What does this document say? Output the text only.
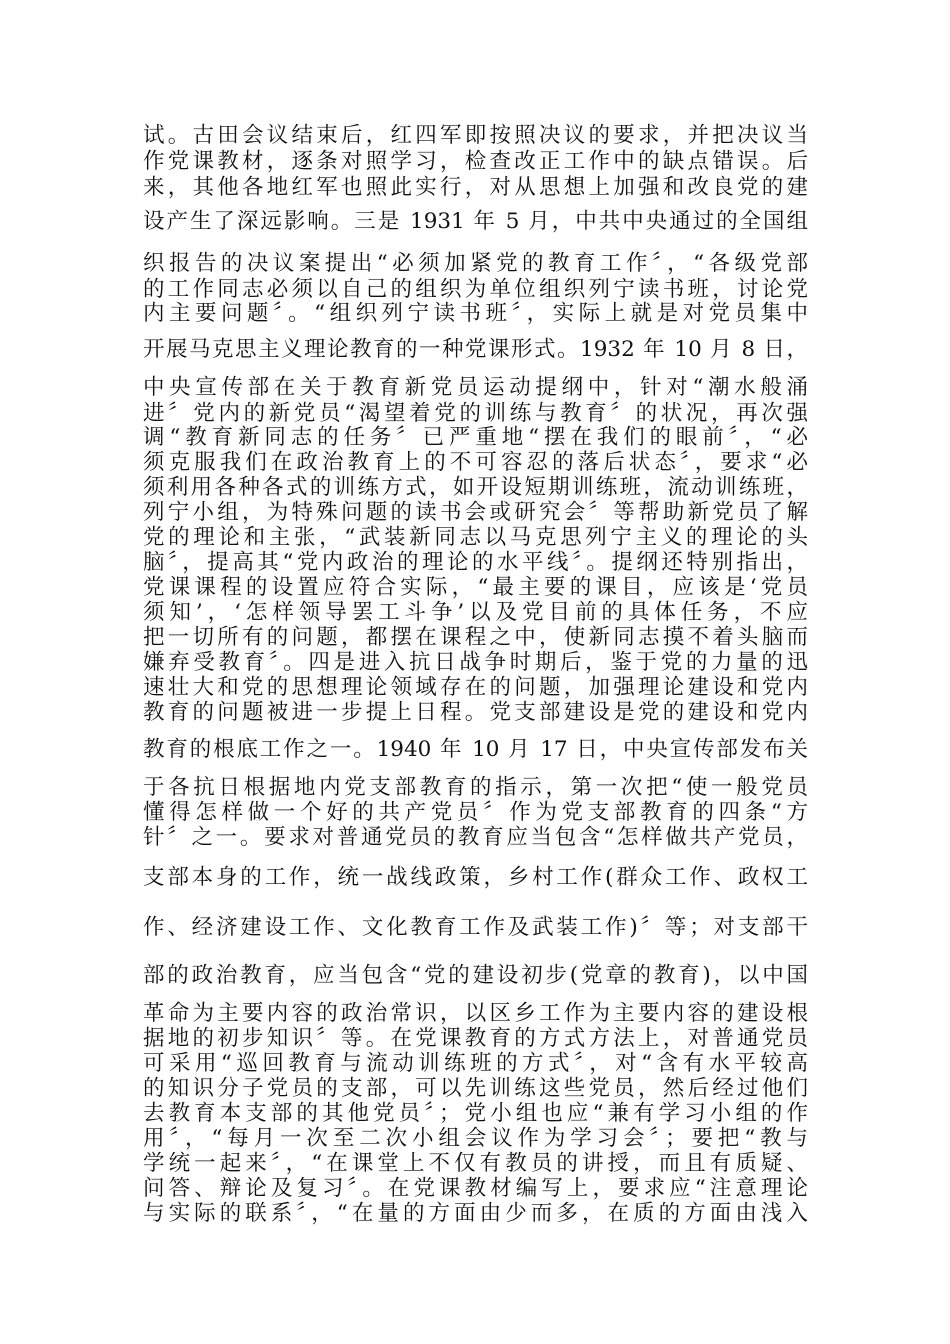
试。古田会议结束后，红四军即按照决议的要求，并把决议当
作党课教材，逐条对照学习，检查改正工作中的缺点错误。后
来，其他各地红军也照此实行，对从思想上加强和改良党的建
设产生了深远影响。三是 1931 年 5 月，中共中央通过的全国组
织报告的决议案提出“必须加紧党的教育工作〞，“各级党部
的工作同志必须以自己的组织为单位组织列宁读书班，讨论党
内主要问题〞。“组织列宁读书班〞，实际上就是对党员集中
开展马克思主义理论教育的一种党课形式。1932 年 10 月 8 日，
中央宣传部在关于教育新党员运动提纲中，针对“潮水般涌
进〞党内的新党员“渴望着党的训练与教育〞的状况，再次强
调“教育新同志的任务〞已严重地“摆在我们的眼前〞，“必
须克服我们在政治教育上的不可容忍的落后状态〞，要求“必
须利用各种各式的训练方式，如开设短期训练班，流动训练班，
列宁小组，为特殊问题的读书会或研究会〞等帮助新党员了解
党的理论和主张，“武装新同志以马克思列宁主义的理论的头
脑〞，提高其“党内政治的理论的水平线〞。提纲还特别指出，
党课课程的设置应符合实际，“最主要的课目，应该是‘党员
须知’，‘怎样领导罢工斗争’以及党目前的具体任务，不应
把一切所有的问题，都摆在课程之中，使新同志摸不着头脑而
嫌弃受教育〞。四是进入抗日战争时期后，鉴于党的力量的迅
速壮大和党的思想理论领域存在的问题，加强理论建设和党内
教育的问题被进一步提上日程。党支部建设是党的建设和党内
教育的根底工作之一。1940 年 10 月 17 日，中央宣传部发布关
于各抗日根据地内党支部教育的指示，第一次把“使一般党员
懂得怎样做一个好的共产党员〞作为党支部教育的四条“方
针〞之一。要求对普通党员的教育应当包含“怎样做共产党员，
支部本身的工作，统一战线政策，乡村工作(群众工作、政权工
作、经济建设工作、文化教育工作及武装工作)〞等；对支部干
部的政治教育，应当包含“党的建设初步(党章的教育)，以中国
革命为主要内容的政治常识，以区乡工作为主要内容的建设根
据地的初步知识〞等。在党课教育的方式方法上，对普通党员
可采用“巡回教育与流动训练班的方式〞，对“含有水平较高
的知识分子党员的支部，可以先训练这些党员，然后经过他们
去教育本支部的其他党员〞；党小组也应“兼有学习小组的作
用〞，“每月一次至二次小组会议作为学习会〞；要把“教与
学统一起来〞，“在课堂上不仅有教员的讲授，而且有质疑、
问答、辩论及复习〞。在党课教材编写上，要求应“注意理论
与实际的联系〞，“在量的方面由少而多，在质的方面由浅入
